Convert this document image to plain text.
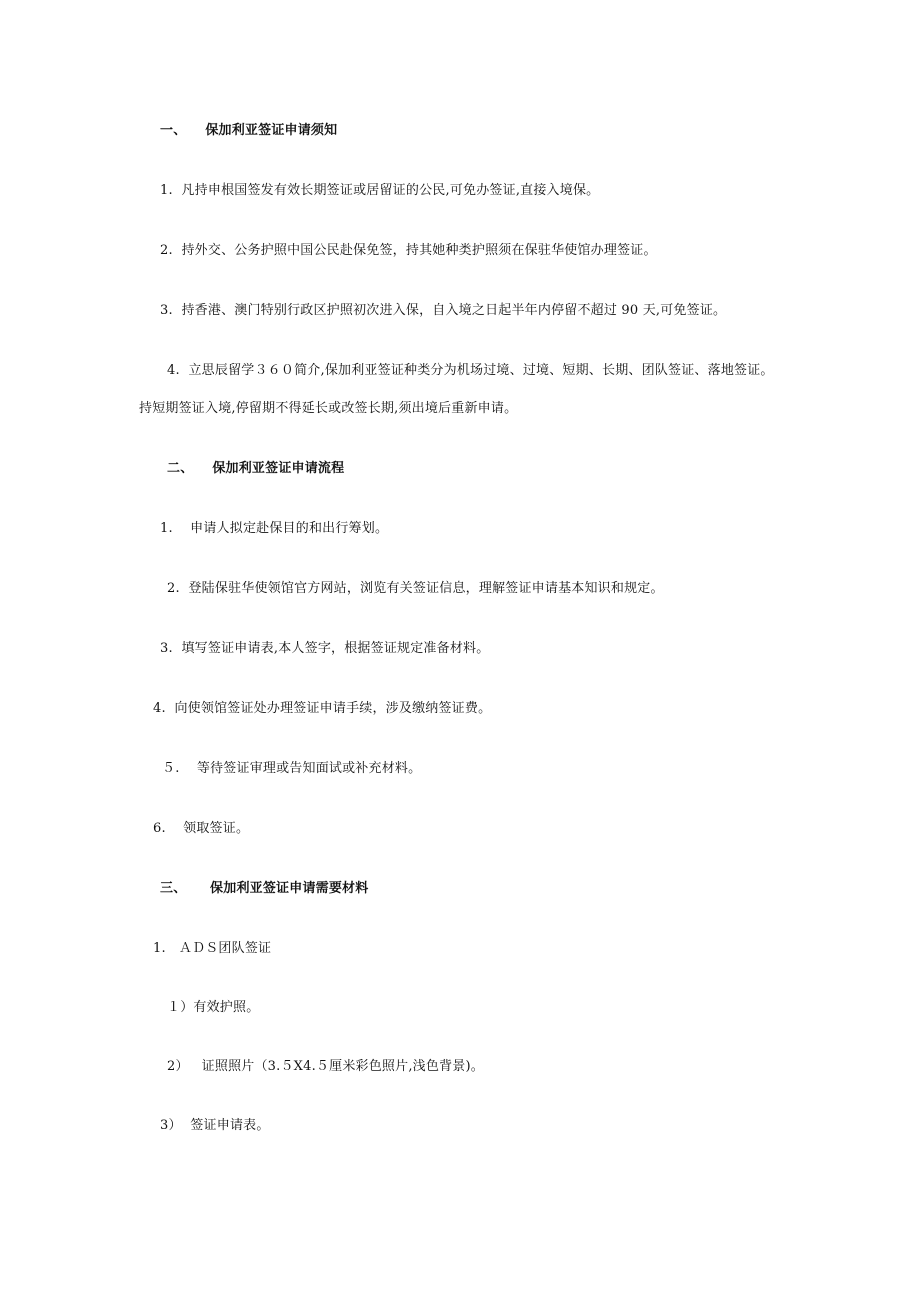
一、 保加利亚签证申请须知
1. 凡持申根国签发有效长期签证或居留证的公民,可免办签证,直接入境保。
2. 持外交、公务护照中国公民赴保免签，持其她种类护照须在保驻华使馆办理签证。
3. 持香港、澳门特别行政区护照初次进入保，自入境之日起半年内停留不超过 90 天,可免签证。
4. 立思辰留学３６０简介,保加利亚签证种类分为机场过境、过境、短期、长期、团队签证、落地签证。
持短期签证入境,停留期不得延长或改签长期,须出境后重新申请。
二、 保加利亚签证申请流程
1. 申请人拟定赴保目的和出行筹划。
2. 登陆保驻华使领馆官方网站，浏览有关签证信息，理解签证申请基本知识和规定。
3. 填写签证申请表,本人签字，根据签证规定准备材料。
4. 向使领馆签证处办理签证申请手续，涉及缴纳签证费。
５. 等待签证审理或告知面试或补充材料。
6. 领取签证。
三、 保加利亚签证申请需要材料
1. ＡＤＳ团队签证
１）有效护照。
2） 证照照片（3.５X4.５厘米彩色照片,浅色背景)。
3） 签证申请表。
